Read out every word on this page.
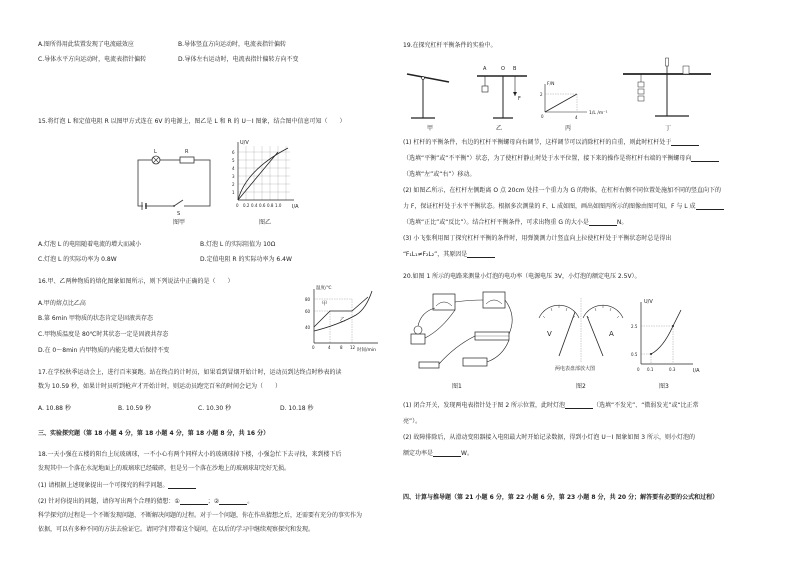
A.图所得用此装置发现了电流磁效应	B.导体竖直方向运动时，电流表指针偏转
C.导体水平方向运动时，电流表指针偏转	D.导体左右运动时，电流表指针偏转方向不变
15.将灯泡 L 和定值电阻 R 以图甲方式连在 6V 的电源上，图乙是 L 和 R 的 U－I 图象，结合图中信息可知（　　）
L	R
S
图甲
U/V
I/A
6
5
4
3
2
1
0 0.2 0.4 0.6 0.8 1.0
图乙
A.灯泡 L 的电阻随着电流的增大而减小	B.灯泡 L 的实际阻值为 10Ω
C.灯泡 L 的实际功率为 0.8W	D.定值电阻 R 的实际功率为 6.4W
16.甲、乙两种物质的熔化图象如图所示，则下列说法中正确的是（　　）
A.甲的熔点比乙高
B.第 6min 甲物质的状态肯定是固液共存态
C.甲物质温度是 80℃时其状态一定是固液共存态
D.在 0～8min 内甲物质的内能先增大后保持不变
温度/℃
时间/min
甲
乙
80
60
40
0	4 8 12
17.在学校秋季运动会上，进行百米赛跑。站在终点的计时员，如果看到冒烟开始计时，运动员到达终点时秒表的读
数为 10.59 秒，如果计时员听到枪声才开始计时，则运动员跑完百米的时间会记为（　　）
A. 10.88 秒	B. 10.59 秒	C. 10.30 秒	D. 10.18 秒
三、实验探究题（第 18 小题 4 分，第 18 小题 4 分，第 18 小题 8 分，共 16 分）
18.一天小强在五楼的阳台上玩玻璃球，一不小心有两个同样大小的玻璃球掉下楼，小强急忙下去寻找，来到楼下后
发现其中一个落在水泥地面上的玻璃球已经破碎，但是另一个落在沙地上的玻璃球却完好无损。
(1) 请根据上述现象提出一个可探究的科学问题。
(2) 针对你提出的问题，请你写出两个合理的猜想：①	；②	。
科学探究的过程是一个不断发现问题、不断解决问题的过程。对于一个问题，你在作出猜想之后，还需要有充分的事实作为
依据，可以有多种不同的方法去验证它。请同学们带着这个疑问，在以后的学习中继续观察探究和发现。
19.在探究杠杆平衡条件的实验中。
甲
A	O B
F
乙
F/N
1/L /m⁻¹
2
4
0
丙	丁
(1) 杠杆的平衡条件，右边的杠杆平衡螺母向右调节，这样调节可以消除杠杆的自重，则此时杠杆处于
（选填“平衡”或“不平衡”）状态，为了使杠杆静止时处于水平位置，接下来的操作是将杠杆右端的平衡螺母向
（选填“左”或“右”）移动。
(2) 如图乙所示，在杠杆左侧距离 O 点 20cm 处挂一个重力为 G 的物体，在杠杆右侧不同位置处施加不同的竖直向下的
力 F，保证杠杆处于水平平衡状态。根据多次测量的 F、L 成如图，画出如图丙所示的图像由图可知，F 与 L 成
（选填“正比”或“反比”）。结合杠杆平衡条件，可求出物重 G 的大小是	N。
(3) 小飞张利用图丁探究杠杆平衡的条件时，用弹簧测力计竖直向上拉使杠杆处于平衡状态时总是得出
“F₁L₁≠F₂L₂”，其原因是
20.如图 1 所示的电路来测量小灯泡的电功率（电源电压 3V，小灯泡的额定电压 2.5V）。
图1
V	A
两电表盘部放大图
图2
U/V
I/A
2.5
0.5
0 0.1	0.3
图3
(1) 闭合开关，发现两电表指针处于图 2 所示位置，此时灯泡	（选填“不发光”、“微弱发光”或“比正常
亮”）。
(2) 故障排除后，从滑动变阻器接入电阻最大时开始记录数据，得到小灯泡 U－I 图象如图 3 所示，则小灯泡的
额定功率是	W。
四、计算与推导题（第 21 小题 6 分，第 22 小题 6 分，第 23 小题 8 分，共 20 分；解答要有必要的公式和过程）
